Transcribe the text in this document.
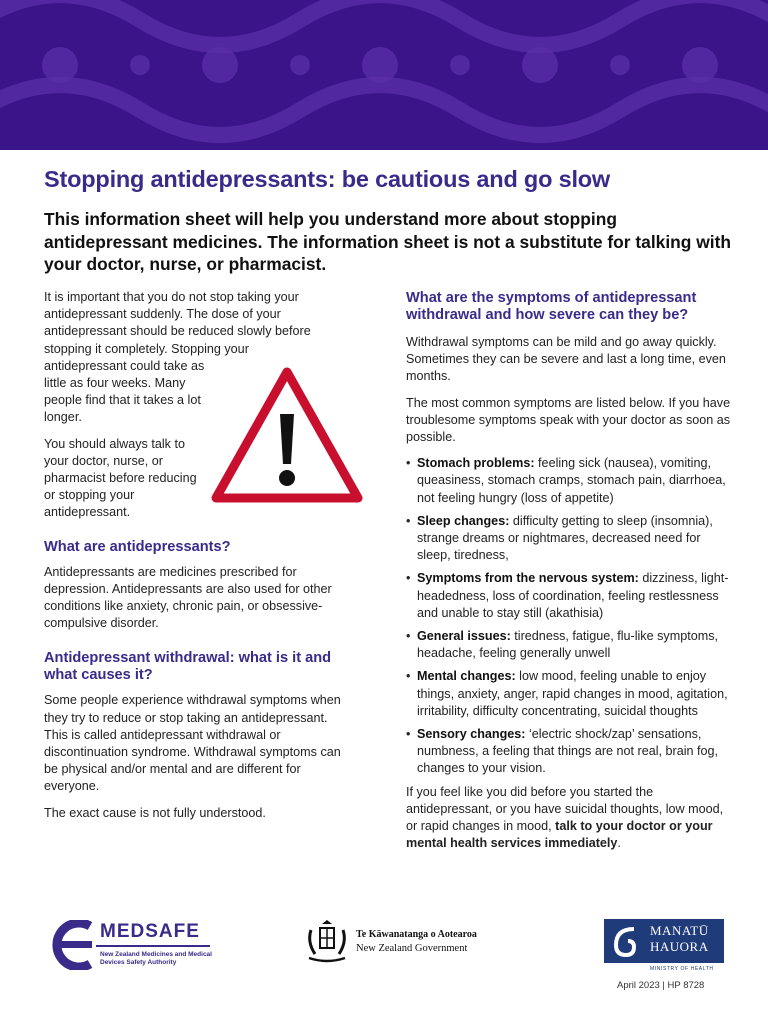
Stopping antidepressants: be cautious and go slow

This information sheet will help you understand more about stopping antidepressant medicines. The information sheet is not a substitute for talking with your doctor, nurse, or pharmacist.

It is important that you do not stop taking your antidepressant suddenly. The dose of your antidepressant should be reduced slowly before stopping it completely. Stopping your

antidepressant could take as little as four weeks. Many people find that it takes a lot longer.

You should always talk to your doctor, nurse, or pharmacist before reducing or stopping your antidepressant.

What are antidepressants?

Antidepressants are medicines prescribed for depression. Antidepressants are also used for other conditions like anxiety, chronic pain, or obsessive-compulsive disorder.

Antidepressant withdrawal: what is it and what causes it?

Some people experience withdrawal symptoms when they try to reduce or stop taking an antidepressant. This is called antidepressant withdrawal or discontinuation syndrome. Withdrawal symptoms can be physical and/or mental and are different for everyone.

The exact cause is not fully understood.

What are the symptoms of antidepressant withdrawal and how severe can they be?

Withdrawal symptoms can be mild and go away quickly. Sometimes they can be severe and last a long time, even months.

The most common symptoms are listed below. If you have troublesome symptoms speak with your doctor as soon as possible.

• Stomach problems: feeling sick (nausea), vomiting, queasiness, stomach cramps, stomach pain, diarrhoea, not feeling hungry (loss of appetite)
• Sleep changes: difficulty getting to sleep (insomnia), strange dreams or nightmares, decreased need for sleep, tiredness,
• Symptoms from the nervous system: dizziness, light-headedness, loss of coordination, feeling restlessness and unable to stay still (akathisia)
• General issues: tiredness, fatigue, flu-like symptoms, headache, feeling generally unwell
• Mental changes: low mood, feeling unable to enjoy things, anxiety, anger, rapid changes in mood, agitation, irritability, difficulty concentrating, suicidal thoughts
• Sensory changes: ‘electric shock/zap’ sensations, numbness, a feeling that things are not real, brain fog, changes to your vision.

If you feel like you did before you started the antidepressant, or you have suicidal thoughts, low mood, or rapid changes in mood, talk to your doctor or your mental health services immediately.

MEDSAFE
New Zealand Medicines and Medical Devices Safety Authority
Te Kāwanatanga o Aotearoa
New Zealand Government
MANATŪ
HAUORA
MINISTRY OF HEALTH
April 2023 | HP 8728
